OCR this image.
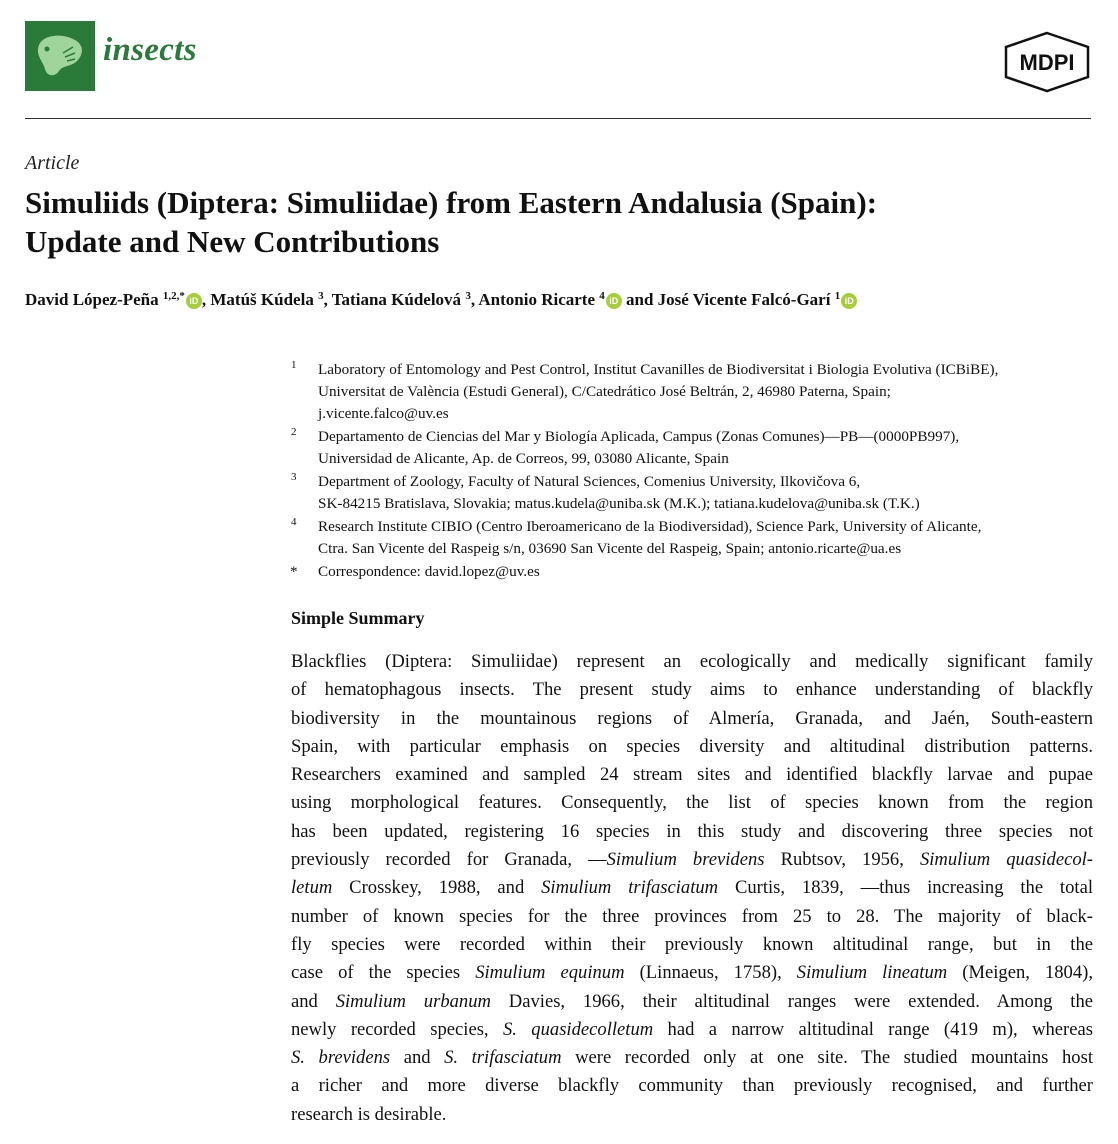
insects	MDPI
Article
Simuliids (Diptera: Simuliidae) from Eastern Andalusia (Spain):
Update and New Contributions
David López-Peña $^{1,2,*}$ iD , Matúš Kúdela $^3$, Tatiana Kúdelová $^3$, Antonio Ricarte $^4$ iD and José Vicente Falcó-Garí $^1$ iD
1 Laboratory of Entomology and Pest Control, Institut Cavanilles de Biodiversitat i Biologia Evolutiva (ICBiBE),
Universitat de València (Estudi General), C/Catedrático José Beltrán, 2, 46980 Paterna, Spain;
j.vicente.falco@uv.es
2 Departamento de Ciencias del Mar y Biología Aplicada, Campus (Zonas Comunes)—PB—(0000PB997),
Universidad de Alicante, Ap. de Correos, 99, 03080 Alicante, Spain
3 Department of Zoology, Faculty of Natural Sciences, Comenius University, Ilkovičova 6,
SK-84215 Bratislava, Slovakia; matus.kudela@uniba.sk (M.K.); tatiana.kudelova@uniba.sk (T.K.)
4 Research Institute CIBIO (Centro Iberoamericano de la Biodiversidad), Science Park, University of Alicante,
Ctra. San Vicente del Raspeig s/n, 03690 San Vicente del Raspeig, Spain; antonio.ricarte@ua.es
* Correspondence: david.lopez@uv.es
Simple Summary
Blackflies (Diptera: Simuliidae) represent an ecologically and medically significant family
of hematophagous insects. The present study aims to enhance understanding of blackfly
biodiversity in the mountainous regions of Almería, Granada, and Jaén, South-eastern
Spain, with particular emphasis on species diversity and altitudinal distribution patterns.
Researchers examined and sampled 24 stream sites and identified blackfly larvae and pupae
using morphological features. Consequently, the list of species known from the region
has been updated, registering 16 species in this study and discovering three species not
previously recorded for Granada, —Simulium brevidens Rubtsov, 1956, Simulium quasidecol-
letum Crosskey, 1988, and Simulium trifasciatum Curtis, 1839, —thus increasing the total
number of known species for the three provinces from 25 to 28. The majority of black-
fly species were recorded within their previously known altitudinal range, but in the
case of the species Simulium equinum (Linnaeus, 1758), Simulium lineatum (Meigen, 1804),
and Simulium urbanum Davies, 1966, their altitudinal ranges were extended. Among the
newly recorded species, S. quasidecolletum had a narrow altitudinal range (419 m), whereas
S. brevidens and S. trifasciatum were recorded only at one site. The studied mountains host
a richer and more diverse blackfly community than previously recognised, and further
research is desirable.
